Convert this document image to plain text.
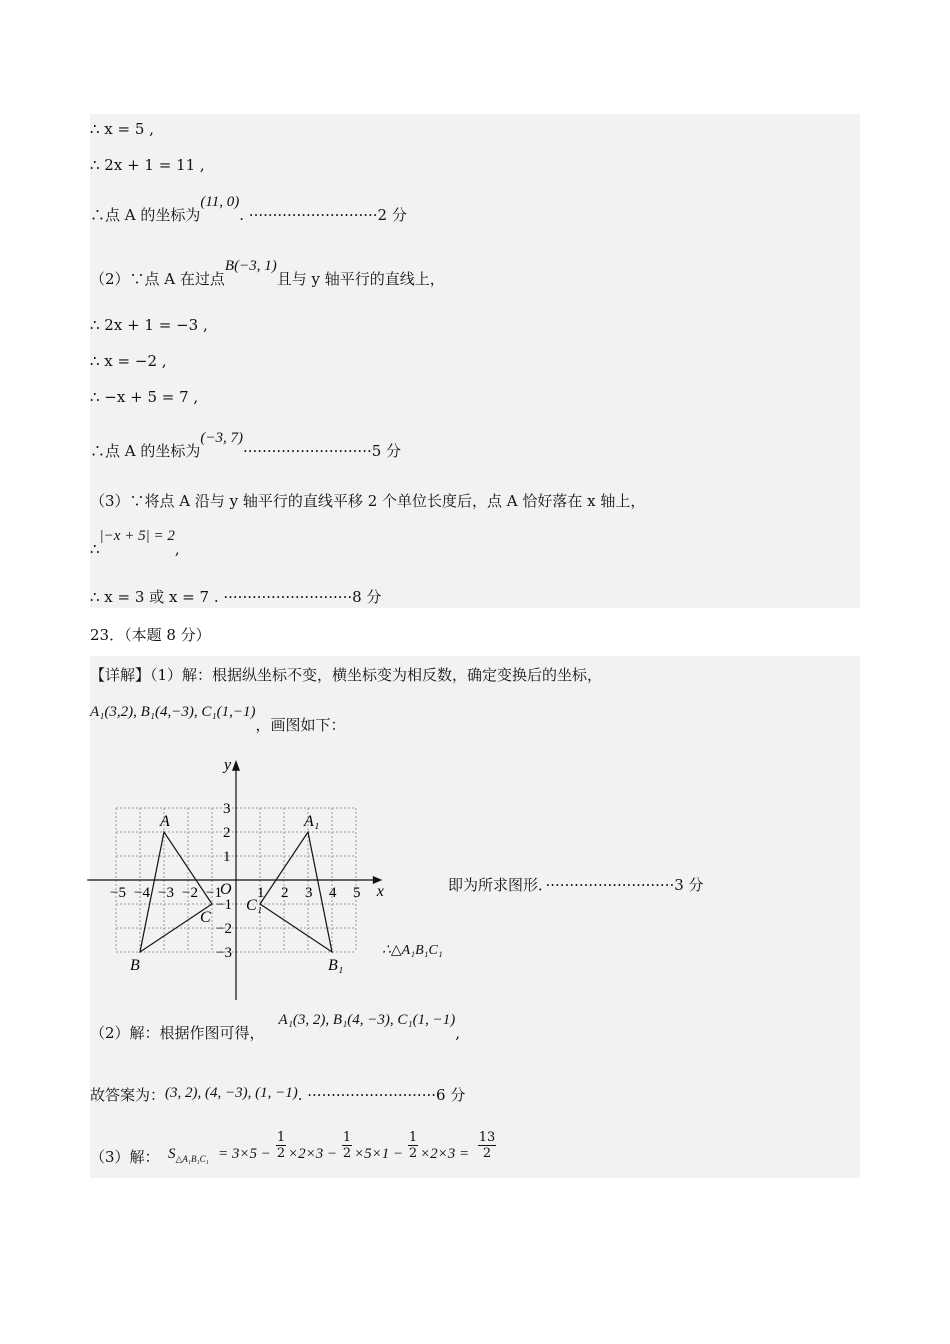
∴ x = 5 ,
∴ 2x + 1 = 11 ,
∴点 A 的坐标为(11, 0). ···························2 分
（2）∵点 A 在过点B(−3, 1)且与 y 轴平行的直线上，
∴ 2x + 1 = −3 ,
∴ x = −2 ,
∴ −x + 5 = 7 ,
∴点 A 的坐标为(−3, 7)···························5 分
（3）∵将点 A 沿与 y 轴平行的直线平移 2 个单位长度后，点 A 恰好落在 x 轴上，
∴|−x + 5| = 2,
∴ x = 3 或 x = 7 . ···························8 分
23．（本题 8 分）
【详解】（1）解：根据纵坐标不变，横坐标变为相反数，确定变换后的坐标，
A₁(3,2), B₁(4,−3), C₁(1,−1)，画图如下：
−5 −4 −3 −2 −1 1 2 3 4 5
3
2
1
−1
−2
−3
x
y
O
A
B
C
A₁
B₁
C₁
即为所求图形．···························3 分
∴△A₁B₁C₁
（2）解：根据作图可得，A₁(3, 2), B₁(4, −3), C₁(1, −1),
故答案为：(3, 2), (4, −3), (1, −1). ···························6 分
（3）解： $S_{\triangle A_1B_1C_1} = 3\times 5 - \frac{1}{2} \times 2\times 3 - \frac{1}{2} \times 5\times 1 - \frac{1}{2} \times 2\times 3 = \frac{13}{2}$
